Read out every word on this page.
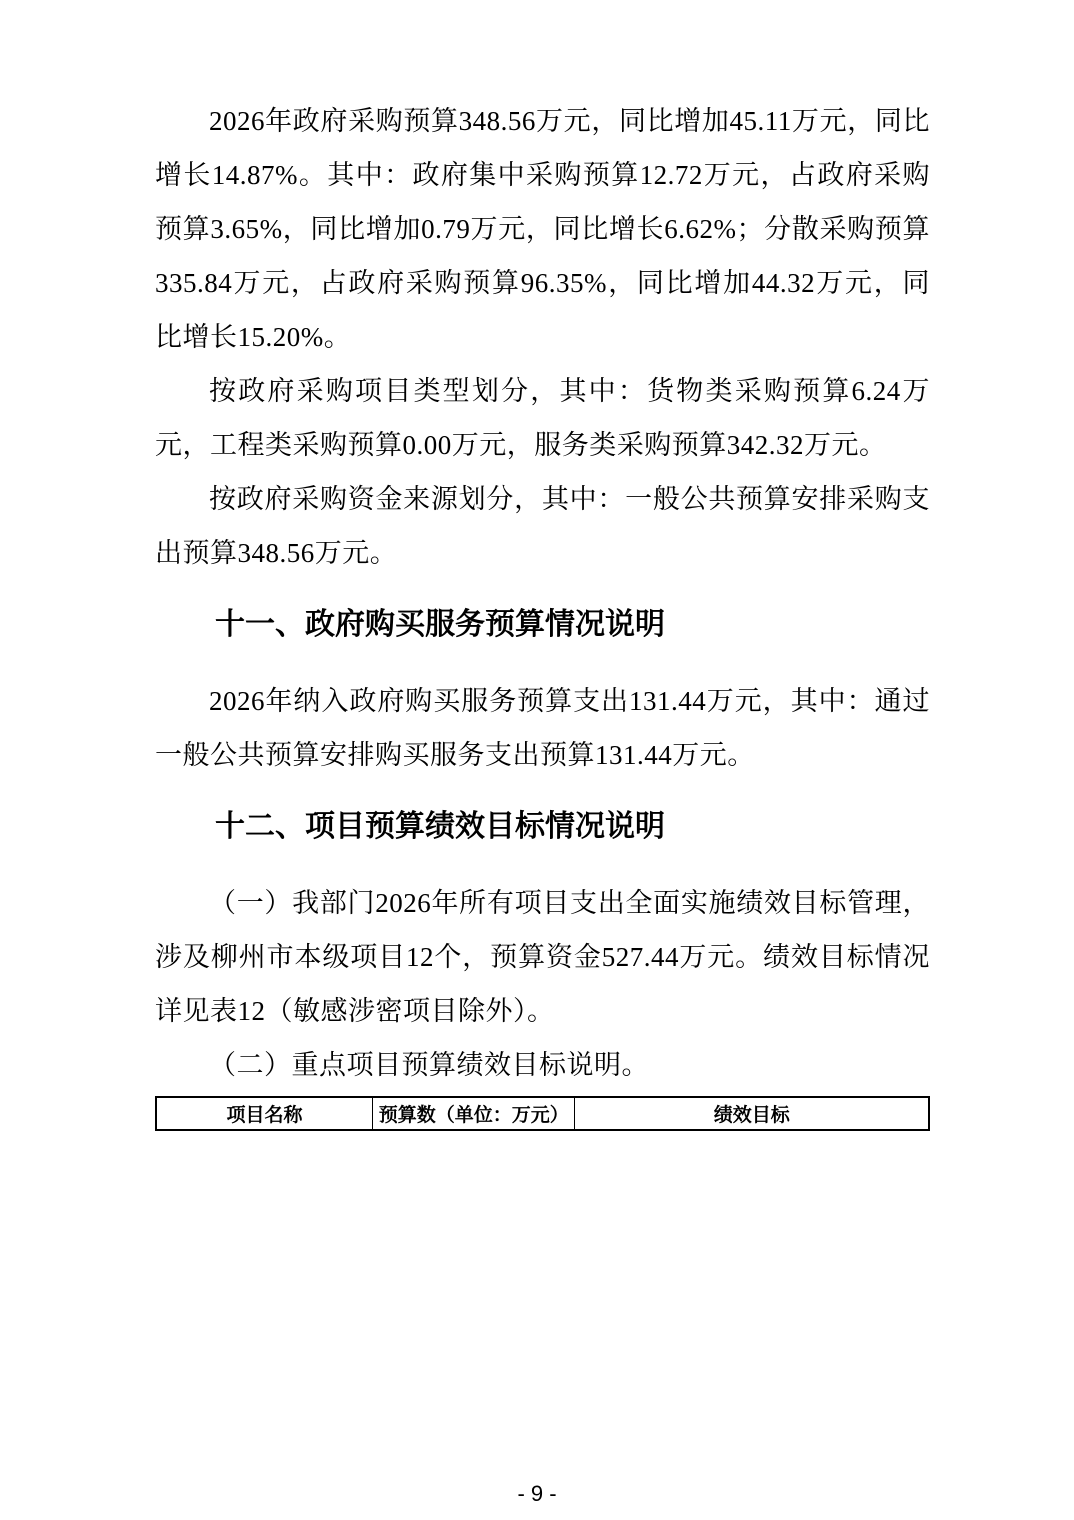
2026年政府采购预算348.56万元，同比增加45.11万元，同比增长14.87%。其中：政府集中采购预算12.72万元，占政府采购预算3.65%，同比增加0.79万元，同比增长6.62%；分散采购预算335.84万元，占政府采购预算96.35%，同比增加44.32万元，同比增长15.20%。

按政府采购项目类型划分，其中：货物类采购预算6.24万元，工程类采购预算0.00万元，服务类采购预算342.32万元。

按政府采购资金来源划分，其中：一般公共预算安排采购支出预算348.56万元。

十一、政府购买服务预算情况说明

2026年纳入政府购买服务预算支出131.44万元，其中：通过一般公共预算安排购买服务支出预算131.44万元。

十二、项目预算绩效目标情况说明

（一）我部门2026年所有项目支出全面实施绩效目标管理，涉及柳州市本级项目12个，预算资金527.44万元。绩效目标情况详见表12（敏感涉密项目除外）。

（二）重点项目预算绩效目标说明。

项目名称	预算数（单位：万元）	绩效目标
- 9 -
